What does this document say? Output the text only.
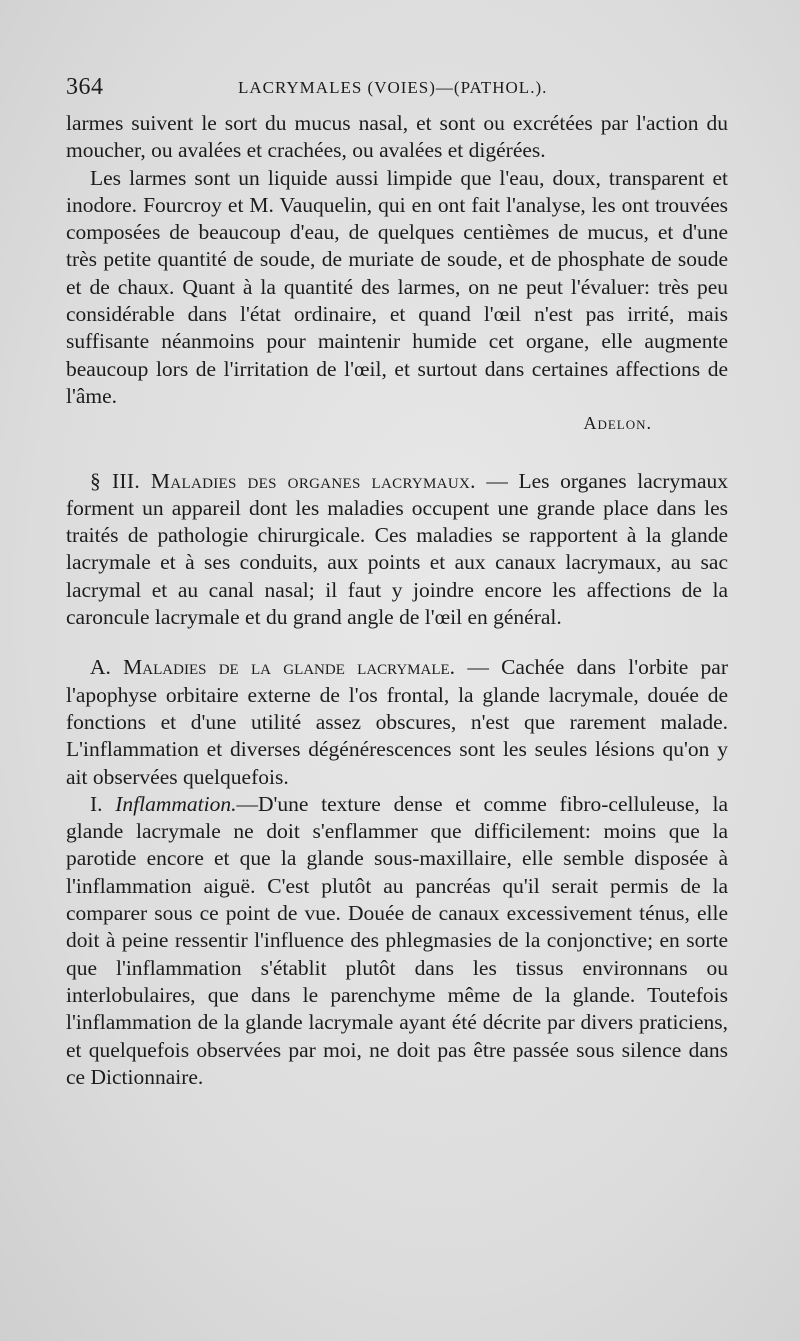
364	LACRYMALES (VOIES)—(PATHOL.).

larmes suivent le sort du mucus nasal, et sont ou excrétées par l'action du moucher, ou avalées et crachées, ou avalées et digérées.

Les larmes sont un liquide aussi limpide que l'eau, doux, transparent et inodore. Fourcroy et M. Vauquelin, qui en ont fait l'analyse, les ont trouvées composées de beaucoup d'eau, de quelques centièmes de mucus, et d'une très petite quantité de soude, de muriate de soude, et de phosphate de soude et de chaux. Quant à la quantité des larmes, on ne peut l'évaluer: très peu considérable dans l'état ordinaire, et quand l'œil n'est pas irrité, mais suffisante néanmoins pour maintenir humide cet organe, elle augmente beaucoup lors de l'irritation de l'œil, et surtout dans certaines affections de l'âme.

Adelon.

§ III. Maladies des organes lacrymaux. — Les organes lacrymaux forment un appareil dont les maladies occupent une grande place dans les traités de pathologie chirurgicale. Ces maladies se rapportent à la glande lacrymale et à ses conduits, aux points et aux canaux lacrymaux, au sac lacrymal et au canal nasal; il faut y joindre encore les affections de la caroncule lacrymale et du grand angle de l'œil en général.

A. Maladies de la glande lacrymale. — Cachée dans l'orbite par l'apophyse orbitaire externe de l'os frontal, la glande lacrymale, douée de fonctions et d'une utilité assez obscures, n'est que rarement malade. L'inflammation et diverses dégénérescences sont les seules lésions qu'on y ait observées quelquefois.

I. Inflammation.—D'une texture dense et comme fibro-celluleuse, la glande lacrymale ne doit s'enflammer que difficilement: moins que la parotide encore et que la glande sous-maxillaire, elle semble disposée à l'inflammation aiguë. C'est plutôt au pancréas qu'il serait permis de la comparer sous ce point de vue. Douée de canaux excessivement ténus, elle doit à peine ressentir l'influence des phlegmasies de la conjonctive; en sorte que l'inflammation s'établit plutôt dans les tissus environnans ou interlobulaires, que dans le parenchyme même de la glande. Toutefois l'inflammation de la glande lacrymale ayant été décrite par divers praticiens, et quelquefois observées par moi, ne doit pas être passée sous silence dans ce Dictionnaire.
